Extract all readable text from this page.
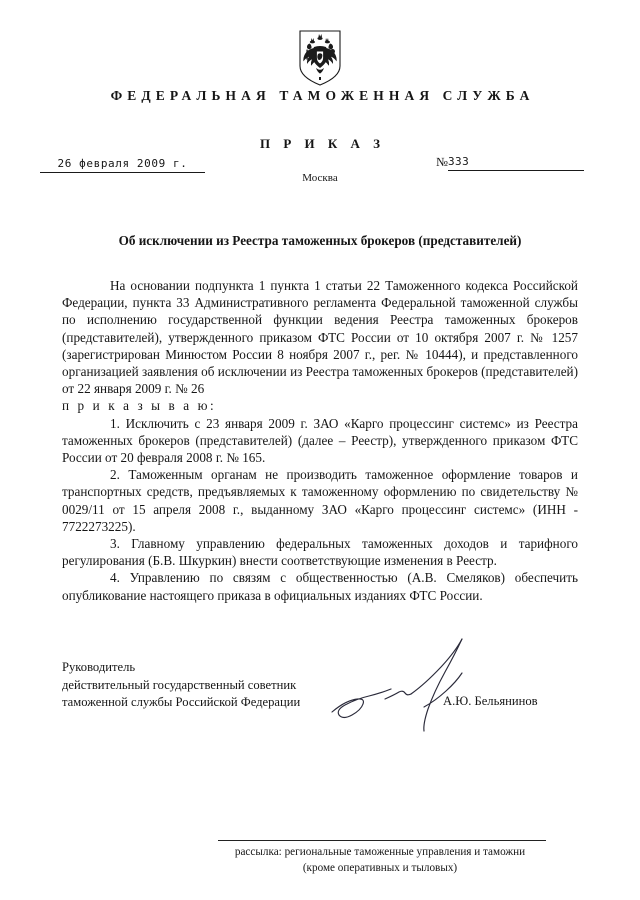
ФЕДЕРАЛЬНАЯ ТАМОЖЕННАЯ СЛУЖБА
П Р И К А З
26 февраля 2009 г.
Москва
№ 333
Об исключении из Реестра таможенных брокеров (представителей)

На основании подпункта 1 пункта 1 статьи 22 Таможенного кодекса Российской Федерации, пункта 33 Административного регламента Федеральной таможенной службы по исполнению государственной функции ведения Реестра таможенных брокеров (представителей), утвержденного приказом ФТС России от 10 октября 2007 г. № 1257 (зарегистрирован Минюстом России 8 ноября 2007 г., рег. № 10444), и представленного организацией заявления об исключении из Реестра таможенных брокеров (представителей) от 22 января 2009 г. № 26

п р и к а з ы в а ю:

1. Исключить с 23 января 2009 г. ЗАО «Карго процессинг системс» из Реестра таможенных брокеров (представителей) (далее – Реестр), утвержденного приказом ФТС России от 20 февраля 2008 г. № 165.

2. Таможенным органам не производить таможенное оформление товаров и транспортных средств, предъявляемых к таможенному оформлению по свидетельству № 0029/11 от 15 апреля 2008 г., выданному ЗАО «Карго процессинг системс» (ИНН - 7722273225).

3. Главному управлению федеральных таможенных доходов и тарифного регулирования (Б.В. Шкуркин) внести соответствующие изменения в Реестр.

4. Управлению по связям с общественностью (А.В. Смеляков) обеспечить опубликование настоящего приказа в официальных изданиях ФТС России.

Руководитель
действительный государственный советник
таможенной службы Российской Федерации	А.Ю. Бельянинов
рассылка: региональные таможенные управления и таможни
(кроме оперативных и тыловых)
